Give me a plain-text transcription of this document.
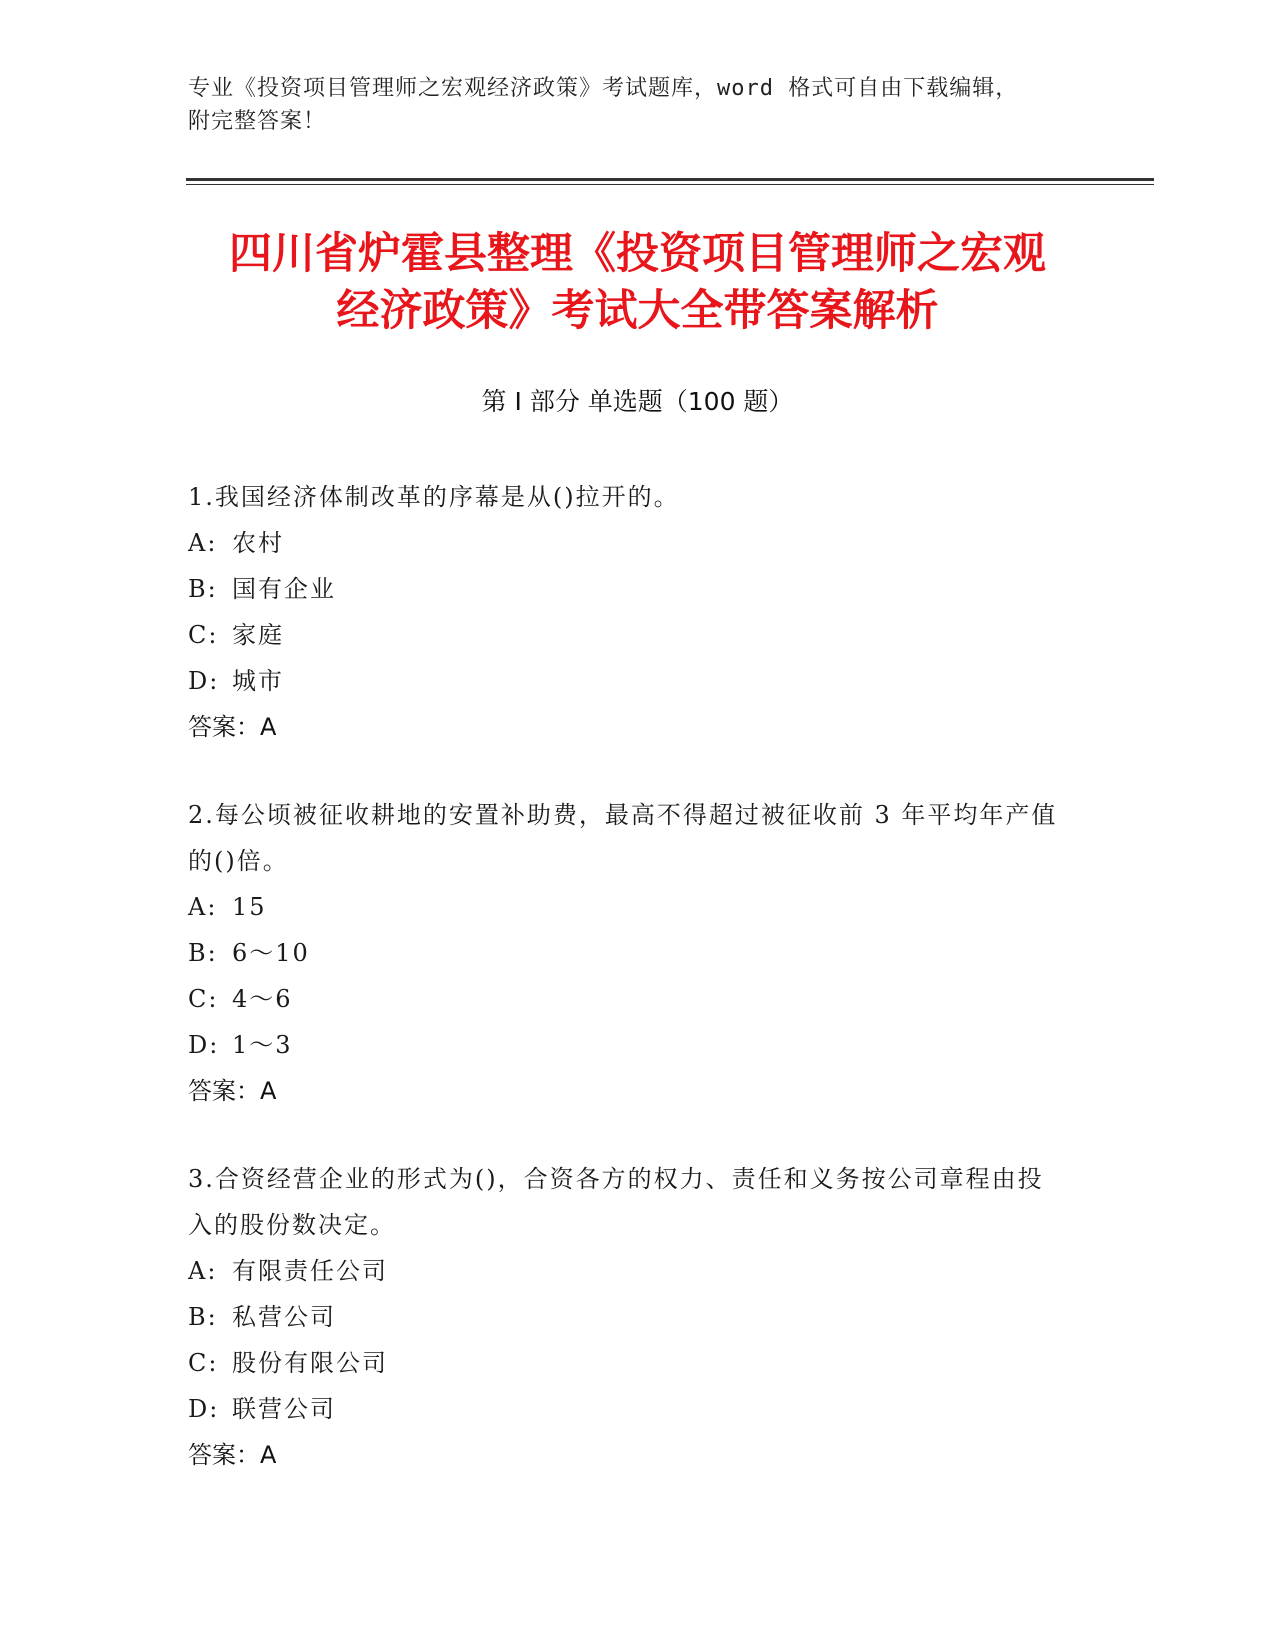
专业《投资项目管理师之宏观经济政策》考试题库，word 格式可自由下载编辑，
附完整答案！
四川省炉霍县整理《投资项目管理师之宏观
经济政策》考试大全带答案解析
第 I 部分 单选题（100 题）
1.我国经济体制改革的序幕是从()拉开的。
A: 农村
B: 国有企业
C: 家庭
D: 城市
答案：A
2.每公顷被征收耕地的安置补助费，最高不得超过被征收前 3 年平均年产值的()倍。
A: 15
B: 6～10
C: 4～6
D: 1～3
答案：A
3.合资经营企业的形式为()，合资各方的权力、责任和义务按公司章程由投入的股份数决定。
A: 有限责任公司
B: 私营公司
C: 股份有限公司
D: 联营公司
答案：A
